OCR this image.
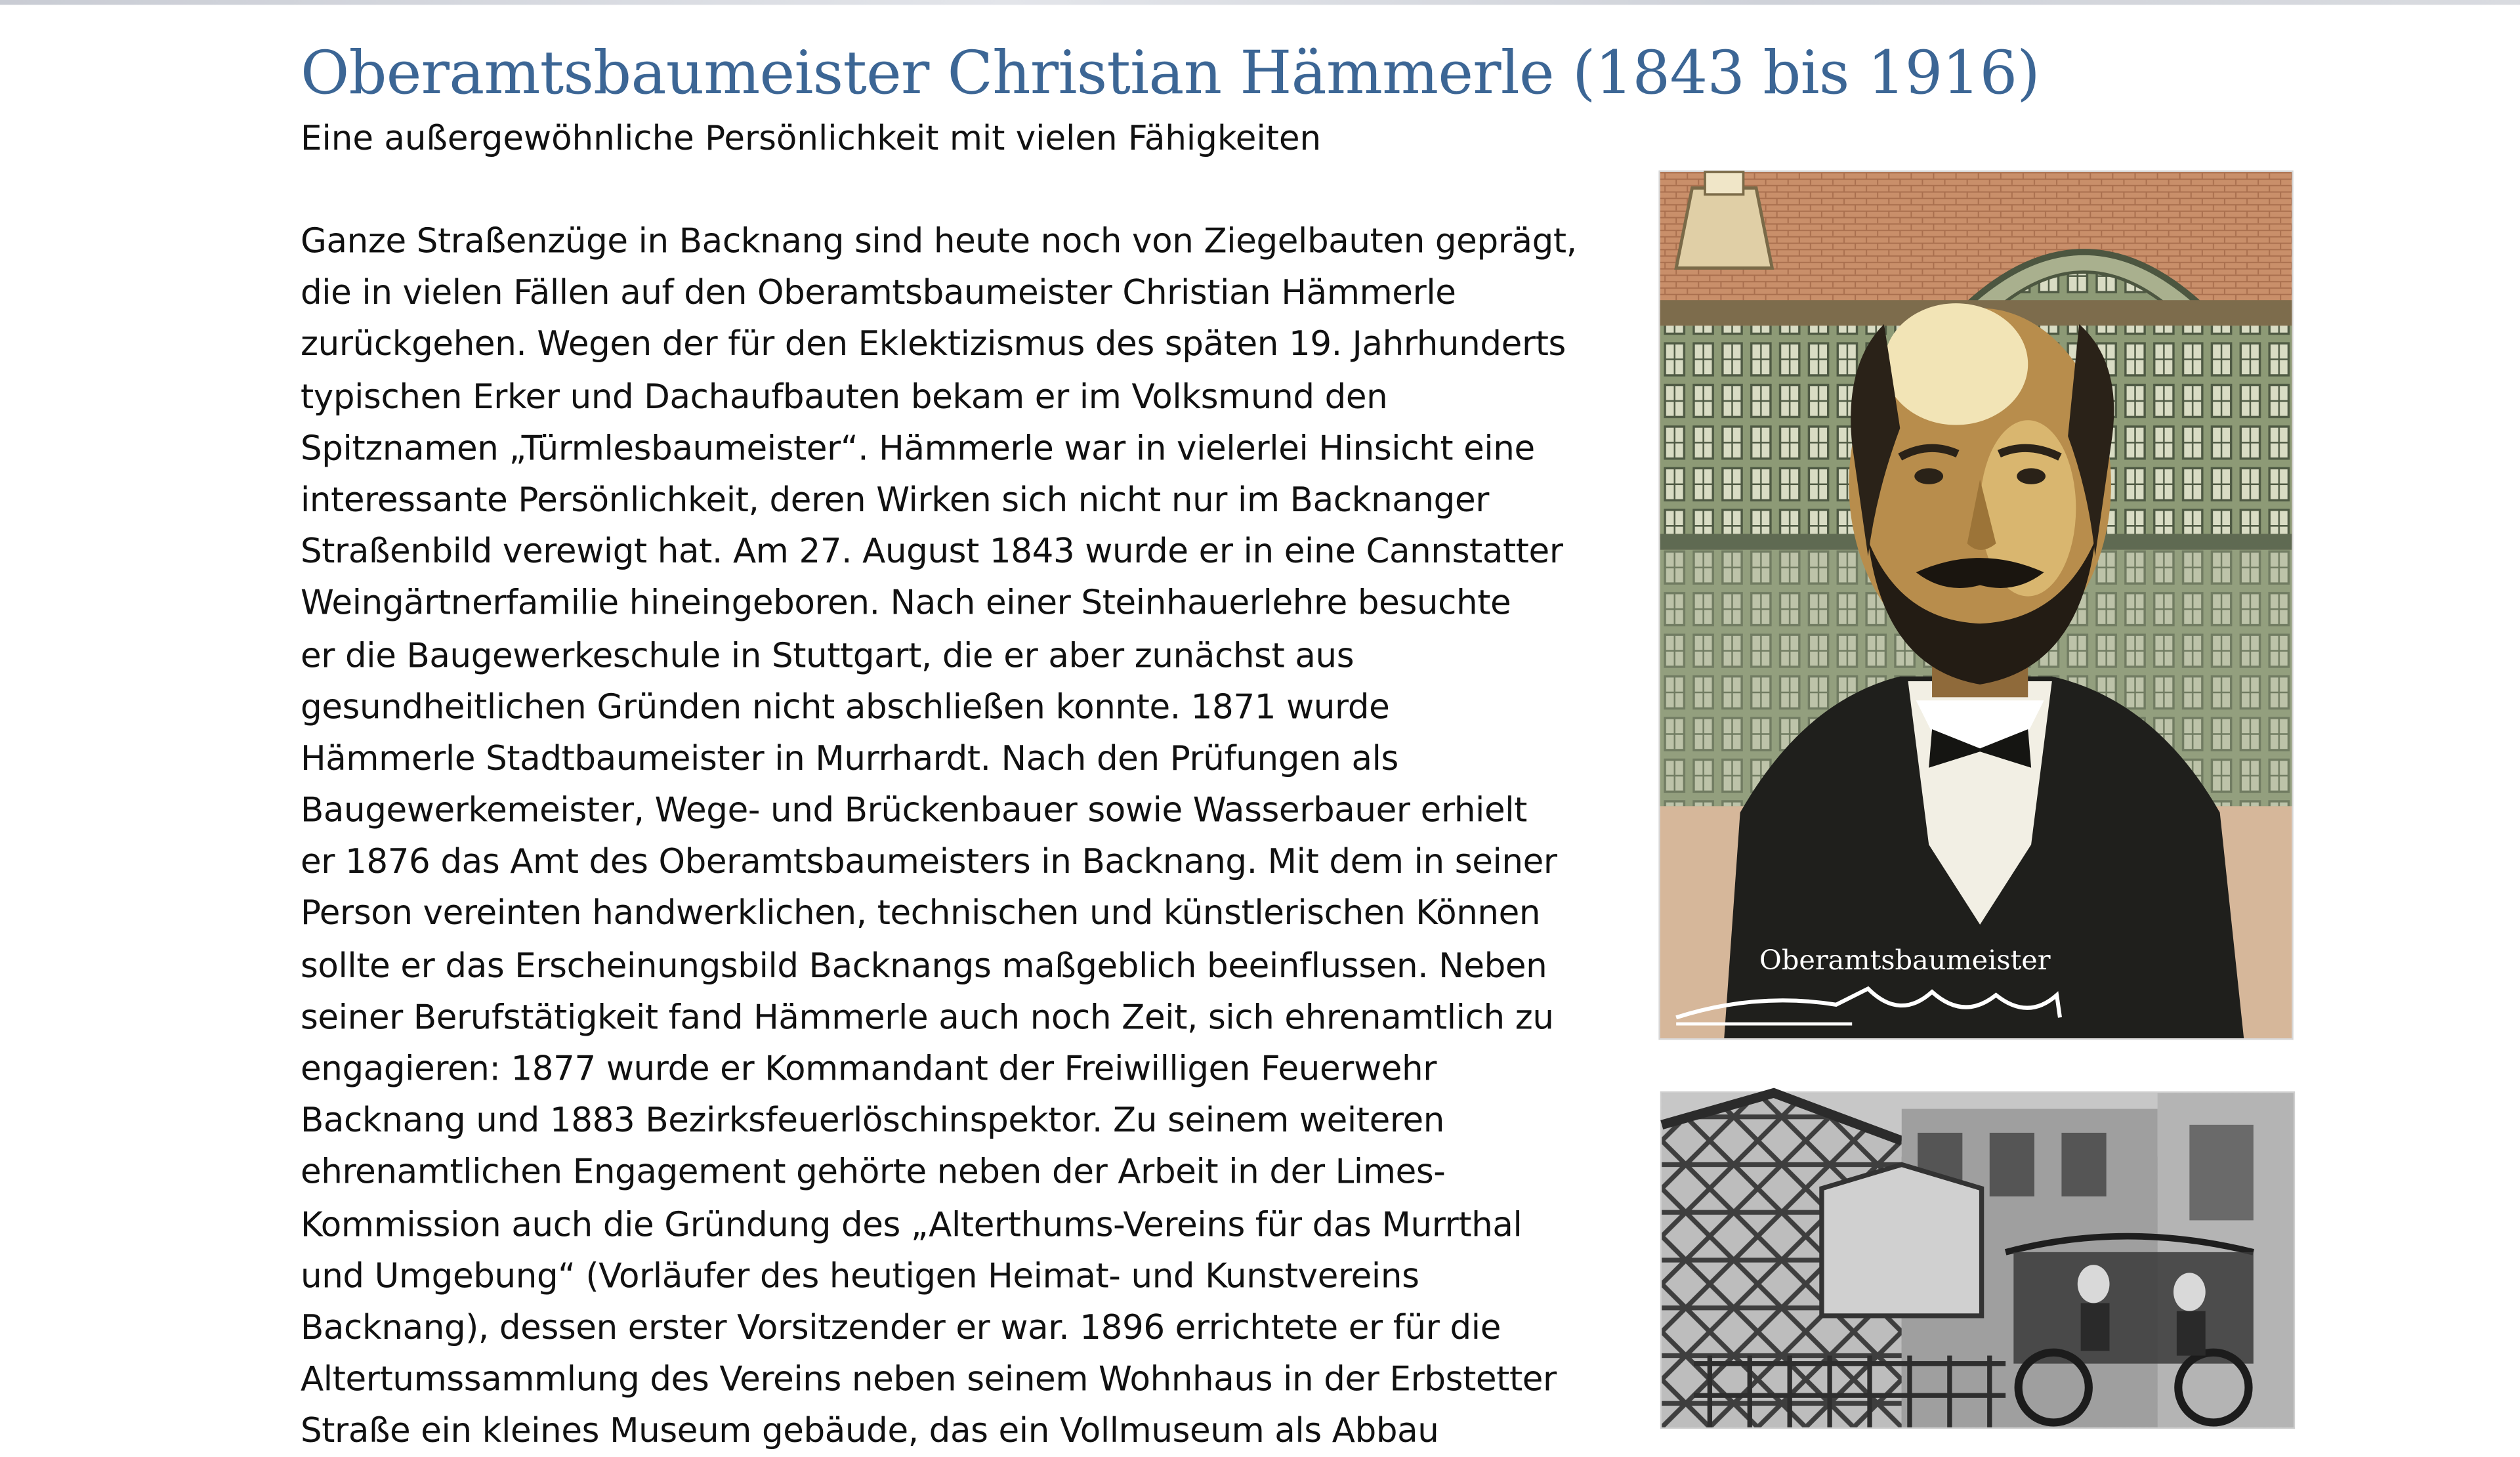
Oberamtsbaumeister Christian Hämmerle (1843 bis 1916)

Eine außergewöhnliche Persönlichkeit mit vielen Fähigkeiten

Ganze Straßenzüge in Backnang sind heute noch von Ziegelbauten geprägt,
die in vielen Fällen auf den Oberamtsbaumeister Christian Hämmerle
zurückgehen. Wegen der für den Eklektizismus des späten 19. Jahrhunderts
typischen Erker und Dachaufbauten bekam er im Volksmund den
Spitznamen „Türmlesbaumeister“. Hämmerle war in vielerlei Hinsicht eine
interessante Persönlichkeit, deren Wirken sich nicht nur im Backnanger
Straßenbild verewigt hat. Am 27. August 1843 wurde er in eine Cannstatter
Weingärtnerfamilie hineingeboren. Nach einer Steinhauerlehre besuchte
er die Baugewerkeschule in Stuttgart, die er aber zunächst aus
gesundheitlichen Gründen nicht abschließen konnte. 1871 wurde
Hämmerle Stadtbaumeister in Murrhardt. Nach den Prüfungen als
Baugewerkemeister, Wege- und Brückenbauer sowie Wasserbauer erhielt
er 1876 das Amt des Oberamtsbaumeisters in Backnang. Mit dem in seiner
Person vereinten handwerklichen, technischen und künstlerischen Können
sollte er das Erscheinungsbild Backnangs maßgeblich beeinflussen. Neben
seiner Berufstätigkeit fand Hämmerle auch noch Zeit, sich ehrenamtlich zu
engagieren: 1877 wurde er Kommandant der Freiwilligen Feuerwehr
Backnang und 1883 Bezirksfeuerlöschinspektor. Zu seinem weiteren
ehrenamtlichen Engagement gehörte neben der Arbeit in der Limes-
Kommission auch die Gründung des „Alterthums-Vereins für das Murrthal
und Umgebung“ (Vorläufer des heutigen Heimat- und Kunstvereins
Backnang), dessen erster Vorsitzender er war. 1896 errichtete er für die
Altertumssammlung des Vereins neben seinem Wohnhaus in der Erbstetter
Straße ein kleines Museum gebäude, das ein Vollmuseum als Abbau
Oberamtsbaumeister
